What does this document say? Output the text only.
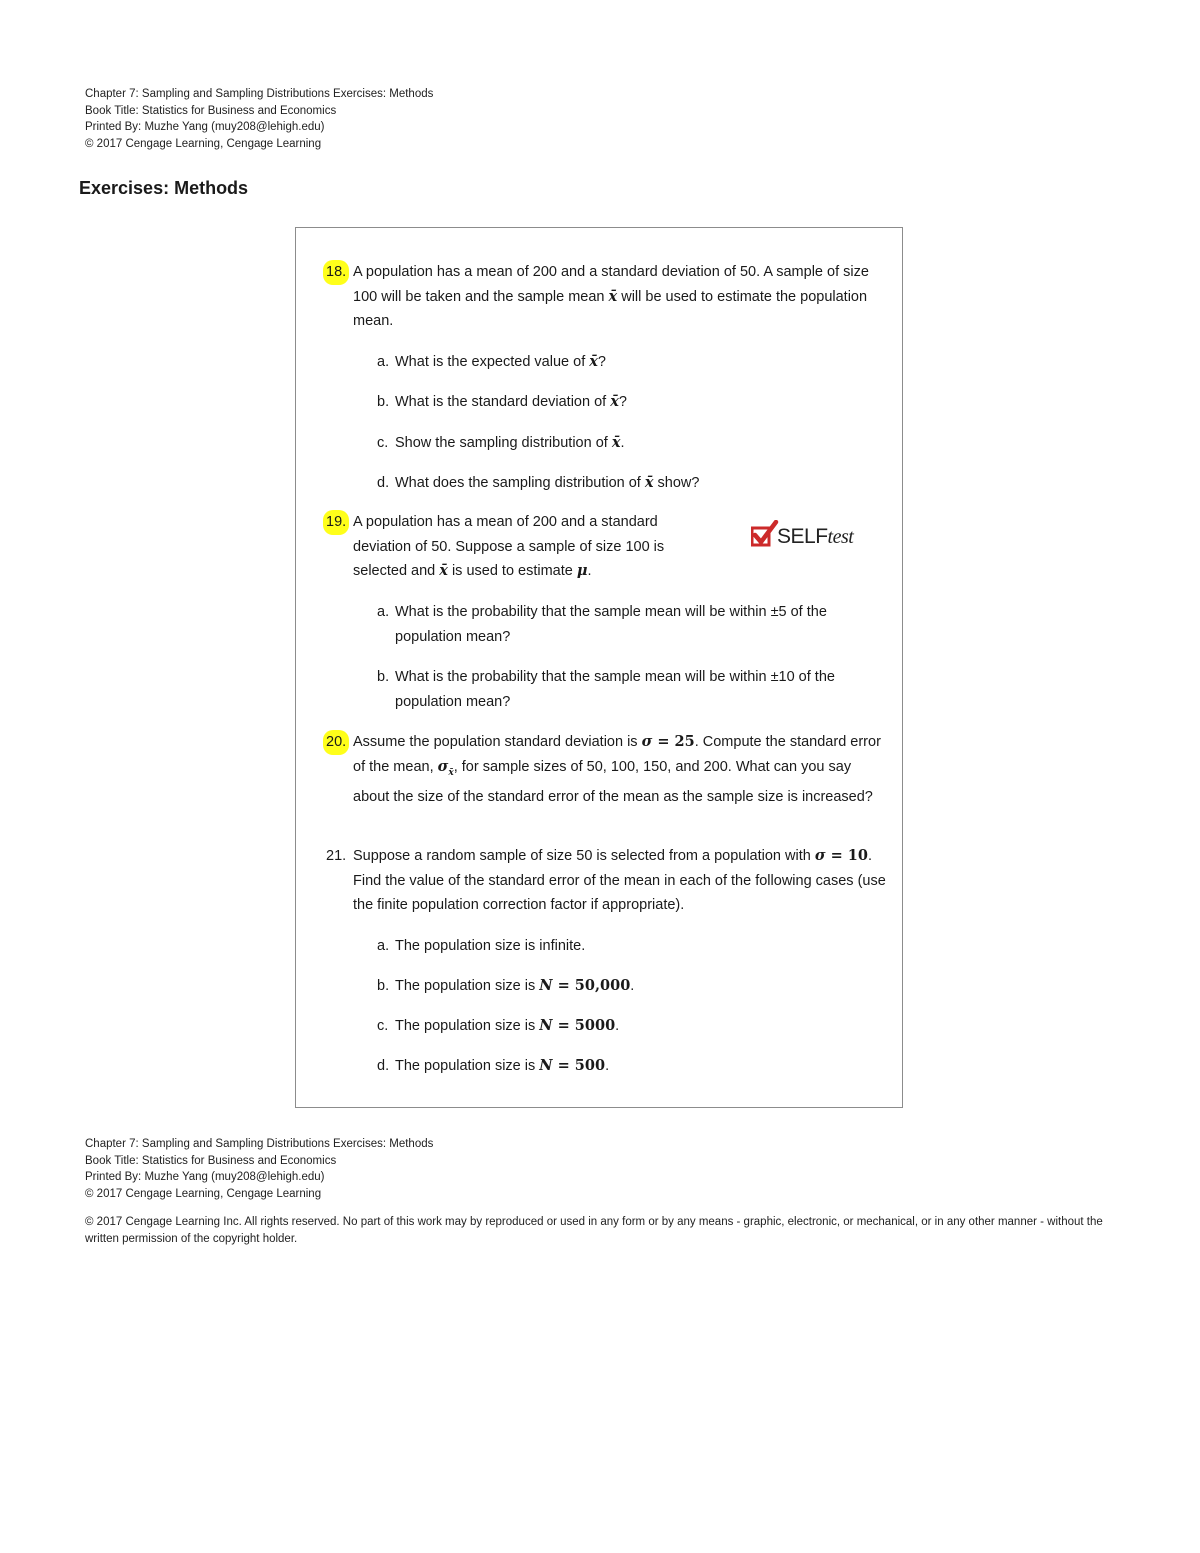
Chapter 7: Sampling and Sampling Distributions Exercises: Methods
Book Title: Statistics for Business and Economics
Printed By: Muzhe Yang (muy208@lehigh.edu)
© 2017 Cengage Learning, Cengage Learning
Exercises: Methods
18. A population has a mean of 200 and a standard deviation of 50. A sample of size 100 will be taken and the sample mean x̄ will be used to estimate the population mean.
a. What is the expected value of x̄?
b. What is the standard deviation of x̄?
c. Show the sampling distribution of x̄.
d. What does the sampling distribution of x̄ show?
19. A population has a mean of 200 and a standard deviation of 50. Suppose a sample of size 100 is selected and x̄ is used to estimate μ.
SELFtest
a. What is the probability that the sample mean will be within ±5 of the population mean?
b. What is the probability that the sample mean will be within ±10 of the population mean?
20. Assume the population standard deviation is σ = 25. Compute the standard error of the mean, $\sigma_{x̄}$, for sample sizes of 50, 100, 150, and 200. What can you say about the size of the standard error of the mean as the sample size is increased?
21. Suppose a random sample of size 50 is selected from a population with σ = 10. Find the value of the standard error of the mean in each of the following cases (use the finite population correction factor if appropriate).
a. The population size is infinite.
b. The population size is N = 50,000.
c. The population size is N = 5000.
d. The population size is N = 500.
Chapter 7: Sampling and Sampling Distributions Exercises: Methods
Book Title: Statistics for Business and Economics
Printed By: Muzhe Yang (muy208@lehigh.edu)
© 2017 Cengage Learning, Cengage Learning
© 2017 Cengage Learning Inc. All rights reserved. No part of this work may by reproduced or used in any form or by any means - graphic, electronic, or mechanical, or in any other manner - without the written permission of the copyright holder.
